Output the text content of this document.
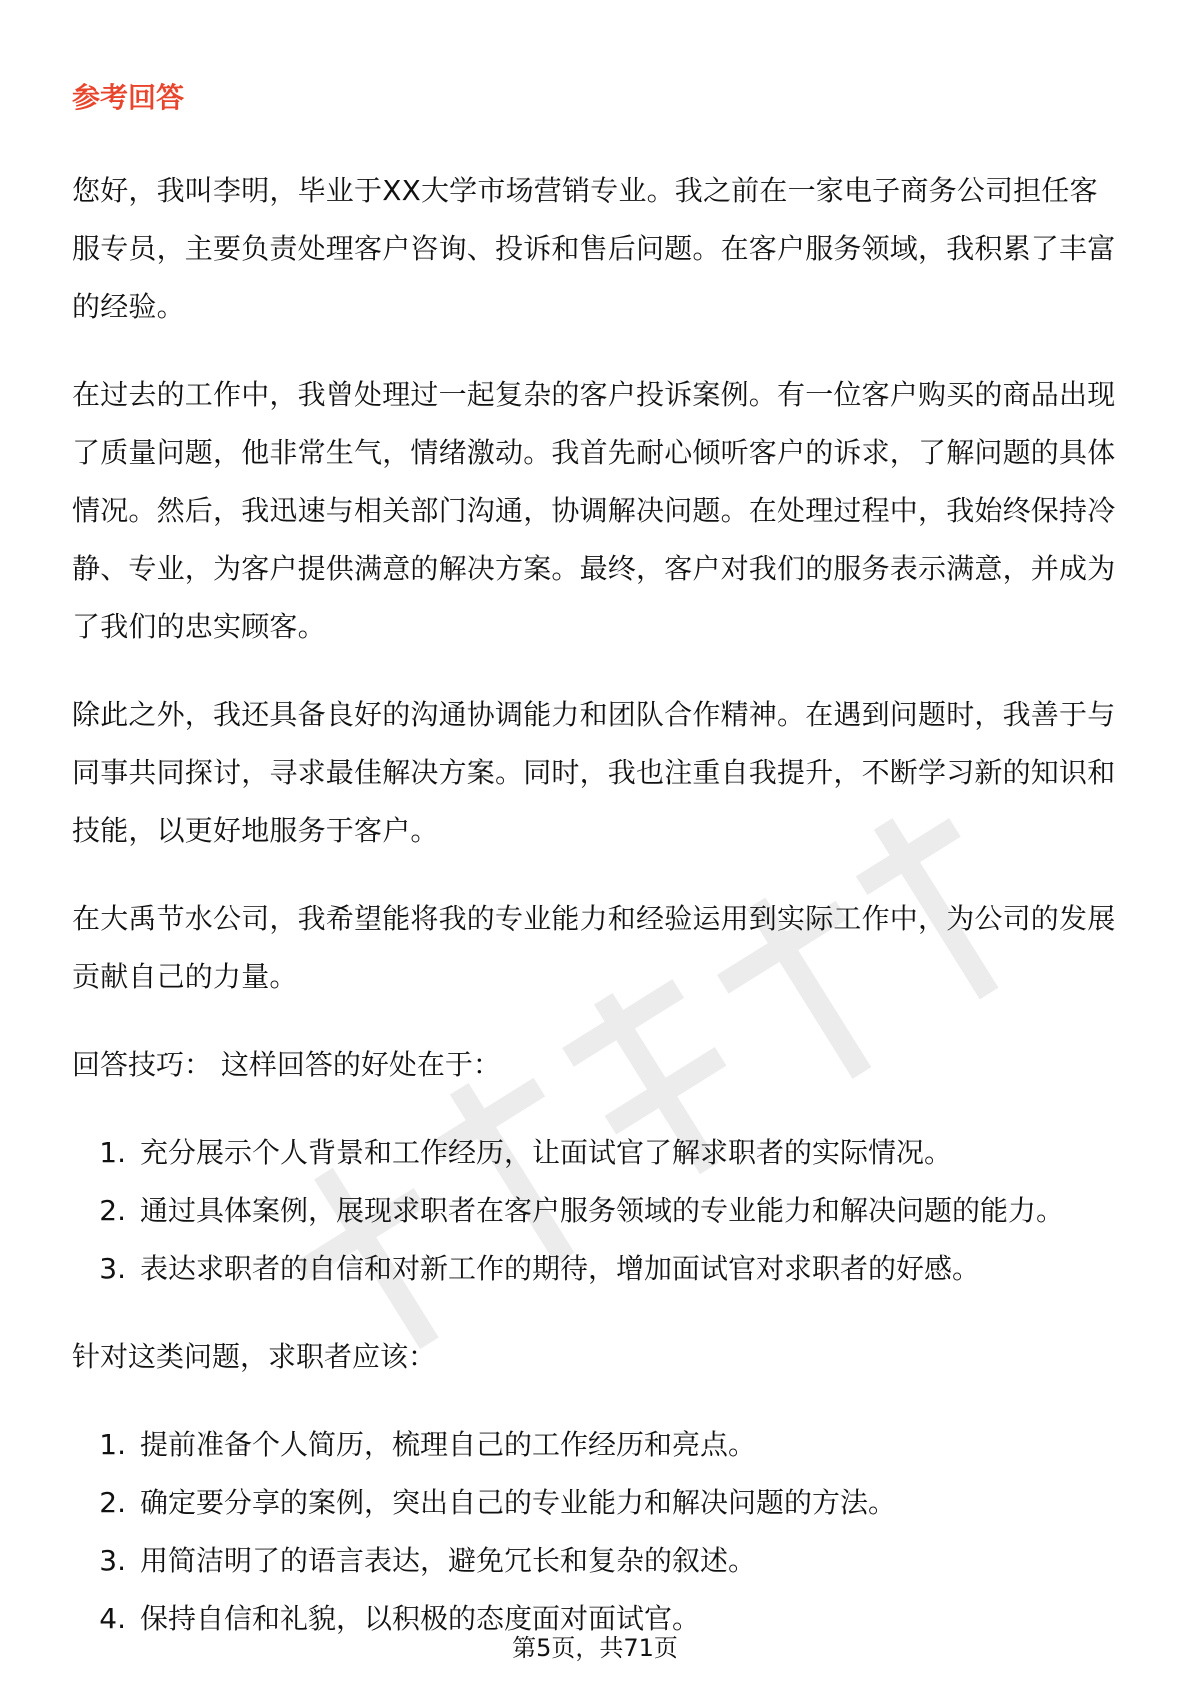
参考回答

您好，我叫李明，毕业于XX大学市场营销专业。我之前在一家电子商务公司担任客服专员，主要负责处理客户咨询、投诉和售后问题。在客户服务领域，我积累了丰富的经验。

在过去的工作中，我曾处理过一起复杂的客户投诉案例。有一位客户购买的商品出现了质量问题，他非常生气，情绪激动。我首先耐心倾听客户的诉求，了解问题的具体情况。然后，我迅速与相关部门沟通，协调解决问题。在处理过程中，我始终保持冷静、专业，为客户提供满意的解决方案。最终，客户对我们的服务表示满意，并成为了我们的忠实顾客。

除此之外，我还具备良好的沟通协调能力和团队合作精神。在遇到问题时，我善于与同事共同探讨，寻求最佳解决方案。同时，我也注重自我提升，不断学习新的知识和技能，以更好地服务于客户。

在大禹节水公司，我希望能将我的专业能力和经验运用到实际工作中，为公司的发展贡献自己的力量。

回答技巧： 这样回答的好处在于：
1. 充分展示个人背景和工作经历，让面试官了解求职者的实际情况。
2. 通过具体案例，展现求职者在客户服务领域的专业能力和解决问题的能力。
3. 表达求职者的自信和对新工作的期待，增加面试官对求职者的好感。
针对这类问题，求职者应该：
1. 提前准备个人简历，梳理自己的工作经历和亮点。
2. 确定要分享的案例，突出自己的专业能力和解决问题的方法。
3. 用简洁明了的语言表达，避免冗长和复杂的叙述。
4. 保持自信和礼貌，以积极的态度面对面试官。
第5页，共71页
